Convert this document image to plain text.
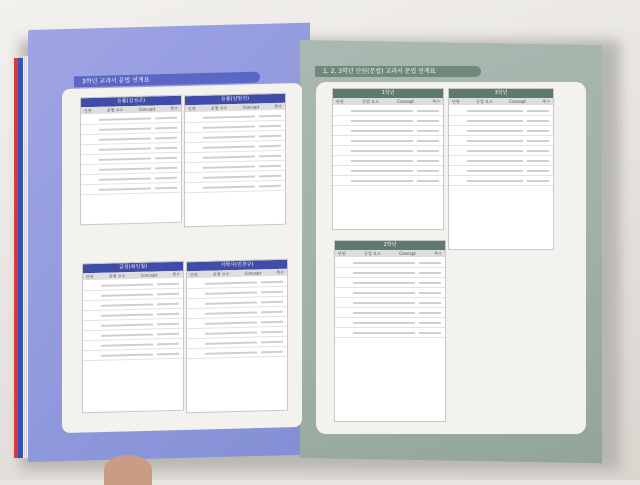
3학년 교과서 문법 연계표
1, 2, 3학년 단원(문법) 교과서 문법 연계표
능률(김성곤)
단원	문법 요소	Concept	쪽수
능률(양현권)
단원	문법 요소	Concept	쪽수
금성(최인철)
단원	문법 요소	Concept	쪽수
지학사(민찬규)
단원	문법 요소	Concept	쪽수
1학년
단원	문법 요소	Concept	쪽수
3학년
단원	문법 요소	Concept	쪽수
2학년
단원	문법 요소	Concept	쪽수
